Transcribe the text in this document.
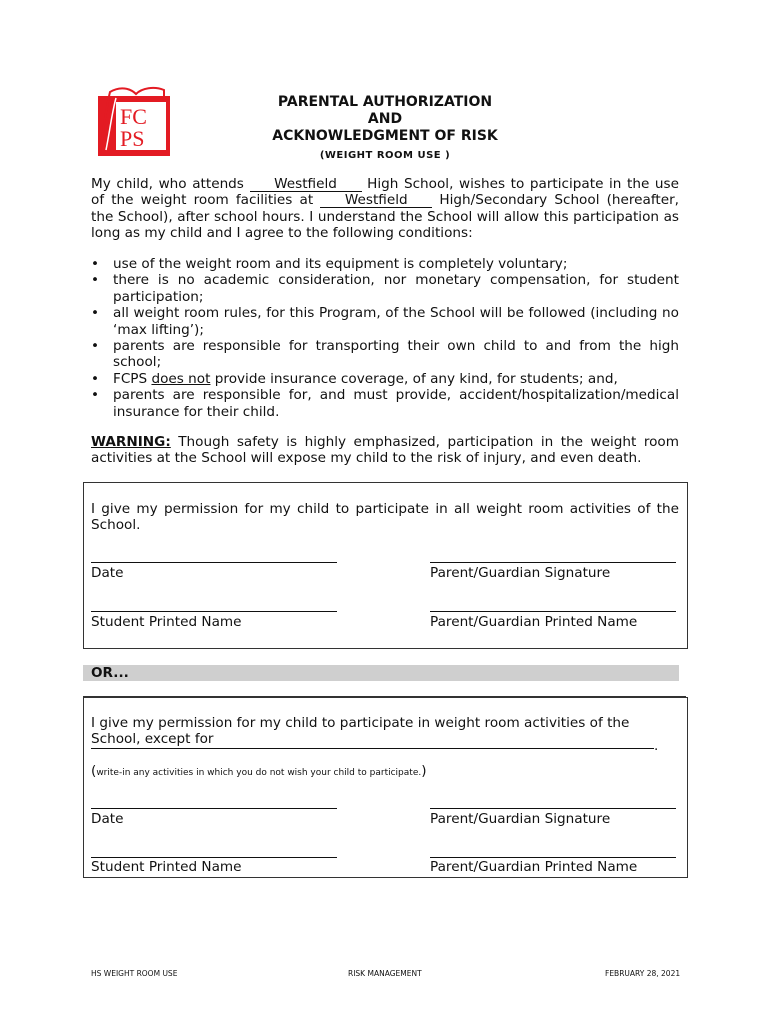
FC
PS
PARENTAL AUTHORIZATION
AND
ACKNOWLEDGMENT OF RISK
(WEIGHT ROOM USE )
My child, who attends Westfield High School, wishes to participate in the use of the weight room facilities at Westfield High/Secondary School (hereafter, the School), after school hours. I understand the School will allow this participation as long as my child and I agree to the following conditions:
• use of the weight room and its equipment is completely voluntary;
• there is no academic consideration, nor monetary compensation, for student participation;
• all weight room rules, for this Program, of the School will be followed (including no ‘max lifting’);
• parents are responsible for transporting their own child to and from the high school;
• FCPS does not provide insurance coverage, of any kind, for students; and,
• parents are responsible for, and must provide, accident/hospitalization/medical insurance for their child.
WARNING: Though safety is highly emphasized, participation in the weight room activities at the School will expose my child to the risk of injury, and even death.
I give my permission for my child to participate in all weight room activities of the School.
Date	Parent/Guardian Signature
Student Printed Name	Parent/Guardian Printed Name
OR...
I give my permission for my child to participate in weight room activities of the School, except for	.
(write-in any activities in which you do not wish your child to participate.)
Date	Parent/Guardian Signature
Student Printed Name	Parent/Guardian Printed Name
HS WEIGHT ROOM USE	RISK MANAGEMENT	FEBRUARY 28, 2021
